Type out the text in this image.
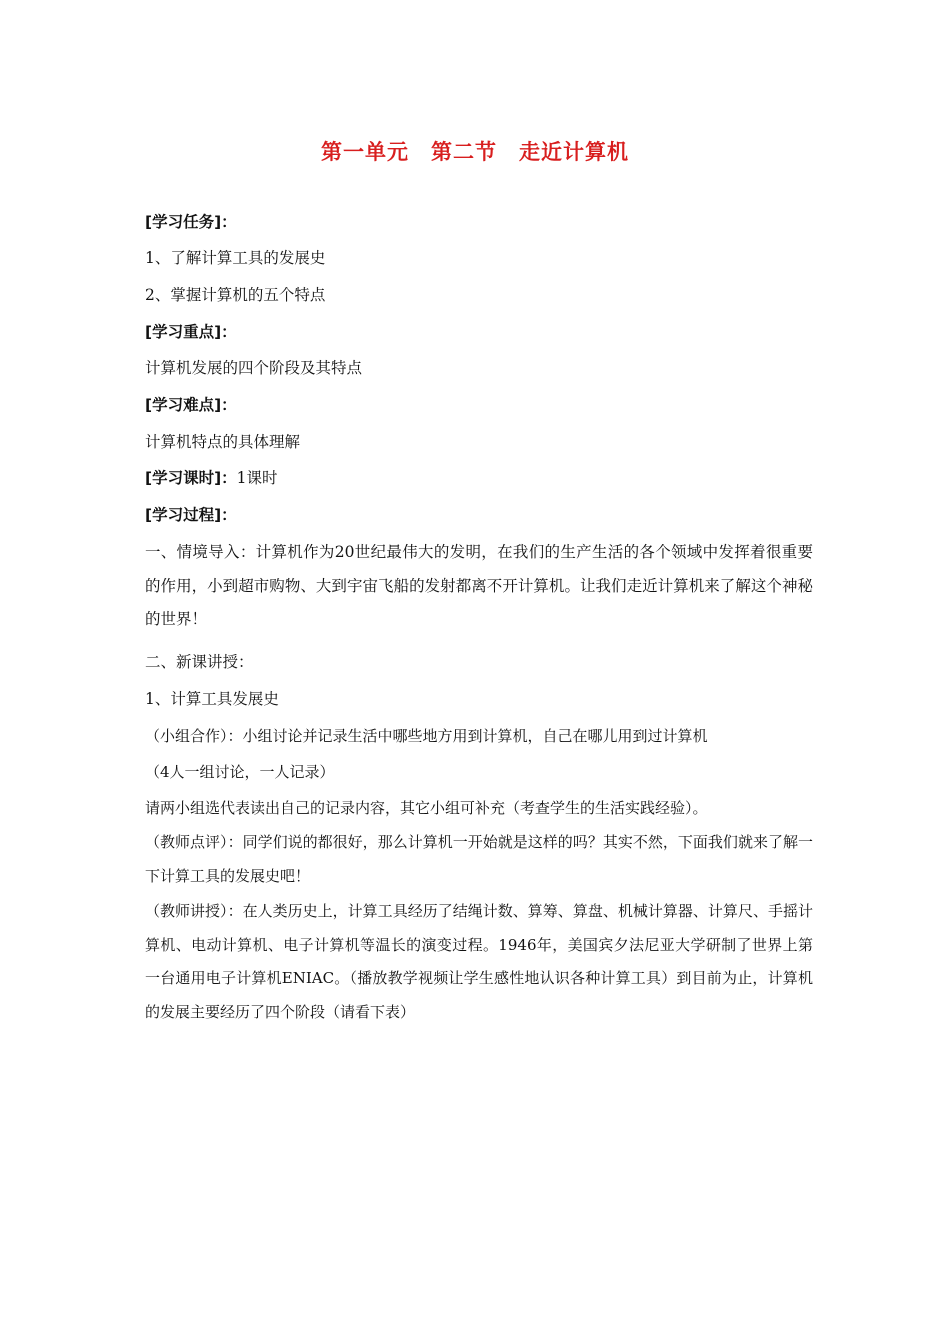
第一单元　第二节　走近计算机
[学习任务]：
1、了解计算工具的发展史
2、掌握计算机的五个特点
[学习重点]：
计算机发展的四个阶段及其特点
[学习难点]：
计算机特点的具体理解
[学习课时]：1课时
[学习过程]：
一、情境导入：计算机作为20世纪最伟大的发明，在我们的生产生活的各个领域中发挥着很重要的作用，小到超市购物、大到宇宙飞船的发射都离不开计算机。让我们走近计算机来了解这个神秘的世界！
二、新课讲授：
1、计算工具发展史
（小组合作）：小组讨论并记录生活中哪些地方用到计算机，自己在哪儿用到过计算机
（4人一组讨论，一人记录）
请两小组选代表读出自己的记录内容，其它小组可补充（考查学生的生活实践经验）。
（教师点评）：同学们说的都很好，那么计算机一开始就是这样的吗？其实不然，下面我们就来了解一下计算工具的发展史吧！
（教师讲授）：在人类历史上，计算工具经历了结绳计数、算筹、算盘、机械计算器、计算尺、手摇计算机、电动计算机、电子计算机等温长的演变过程。1946年，美国宾夕法尼亚大学研制了世界上第一台通用电子计算机ENIAC。（播放教学视频让学生感性地认识各种计算工具）到目前为止，计算机的发展主要经历了四个阶段（请看下表）
